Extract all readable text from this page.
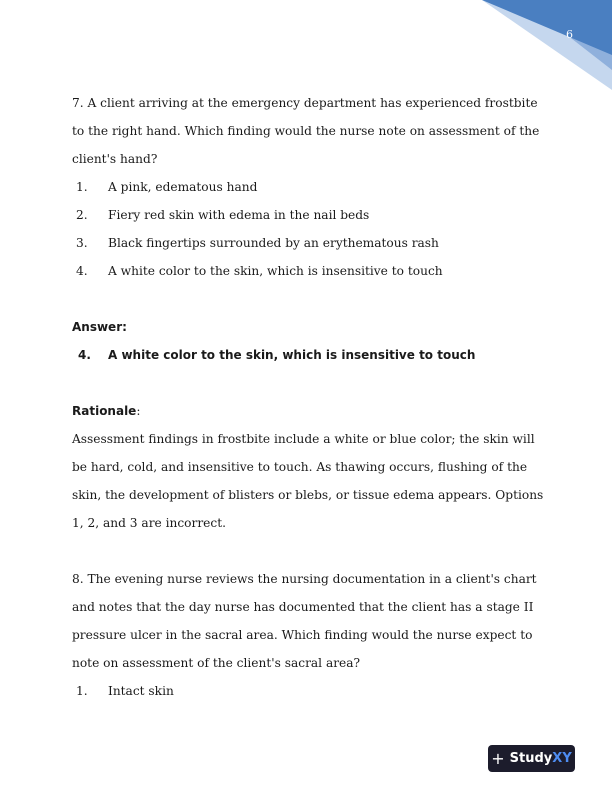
6
7. A client arriving at the emergency department has experienced frostbite
to the right hand. Which finding would the nurse note on assessment of the
client's hand?
1. A pink, edematous hand
2. Fiery red skin with edema in the nail beds
3. Black fingertips surrounded by an erythematous rash
4. A white color to the skin, which is insensitive to touch
Answer:
4. A white color to the skin, which is insensitive to touch
Rationale:
Assessment findings in frostbite include a white or blue color; the skin will
be hard, cold, and insensitive to touch. As thawing occurs, flushing of the
skin, the development of blisters or blebs, or tissue edema appears. Options
1, 2, and 3 are incorrect.
8. The evening nurse reviews the nursing documentation in a client's chart
and notes that the day nurse has documented that the client has a stage II
pressure ulcer in the sacral area. Which finding would the nurse expect to
note on assessment of the client's sacral area?
1. Intact skin
+ Study XY
